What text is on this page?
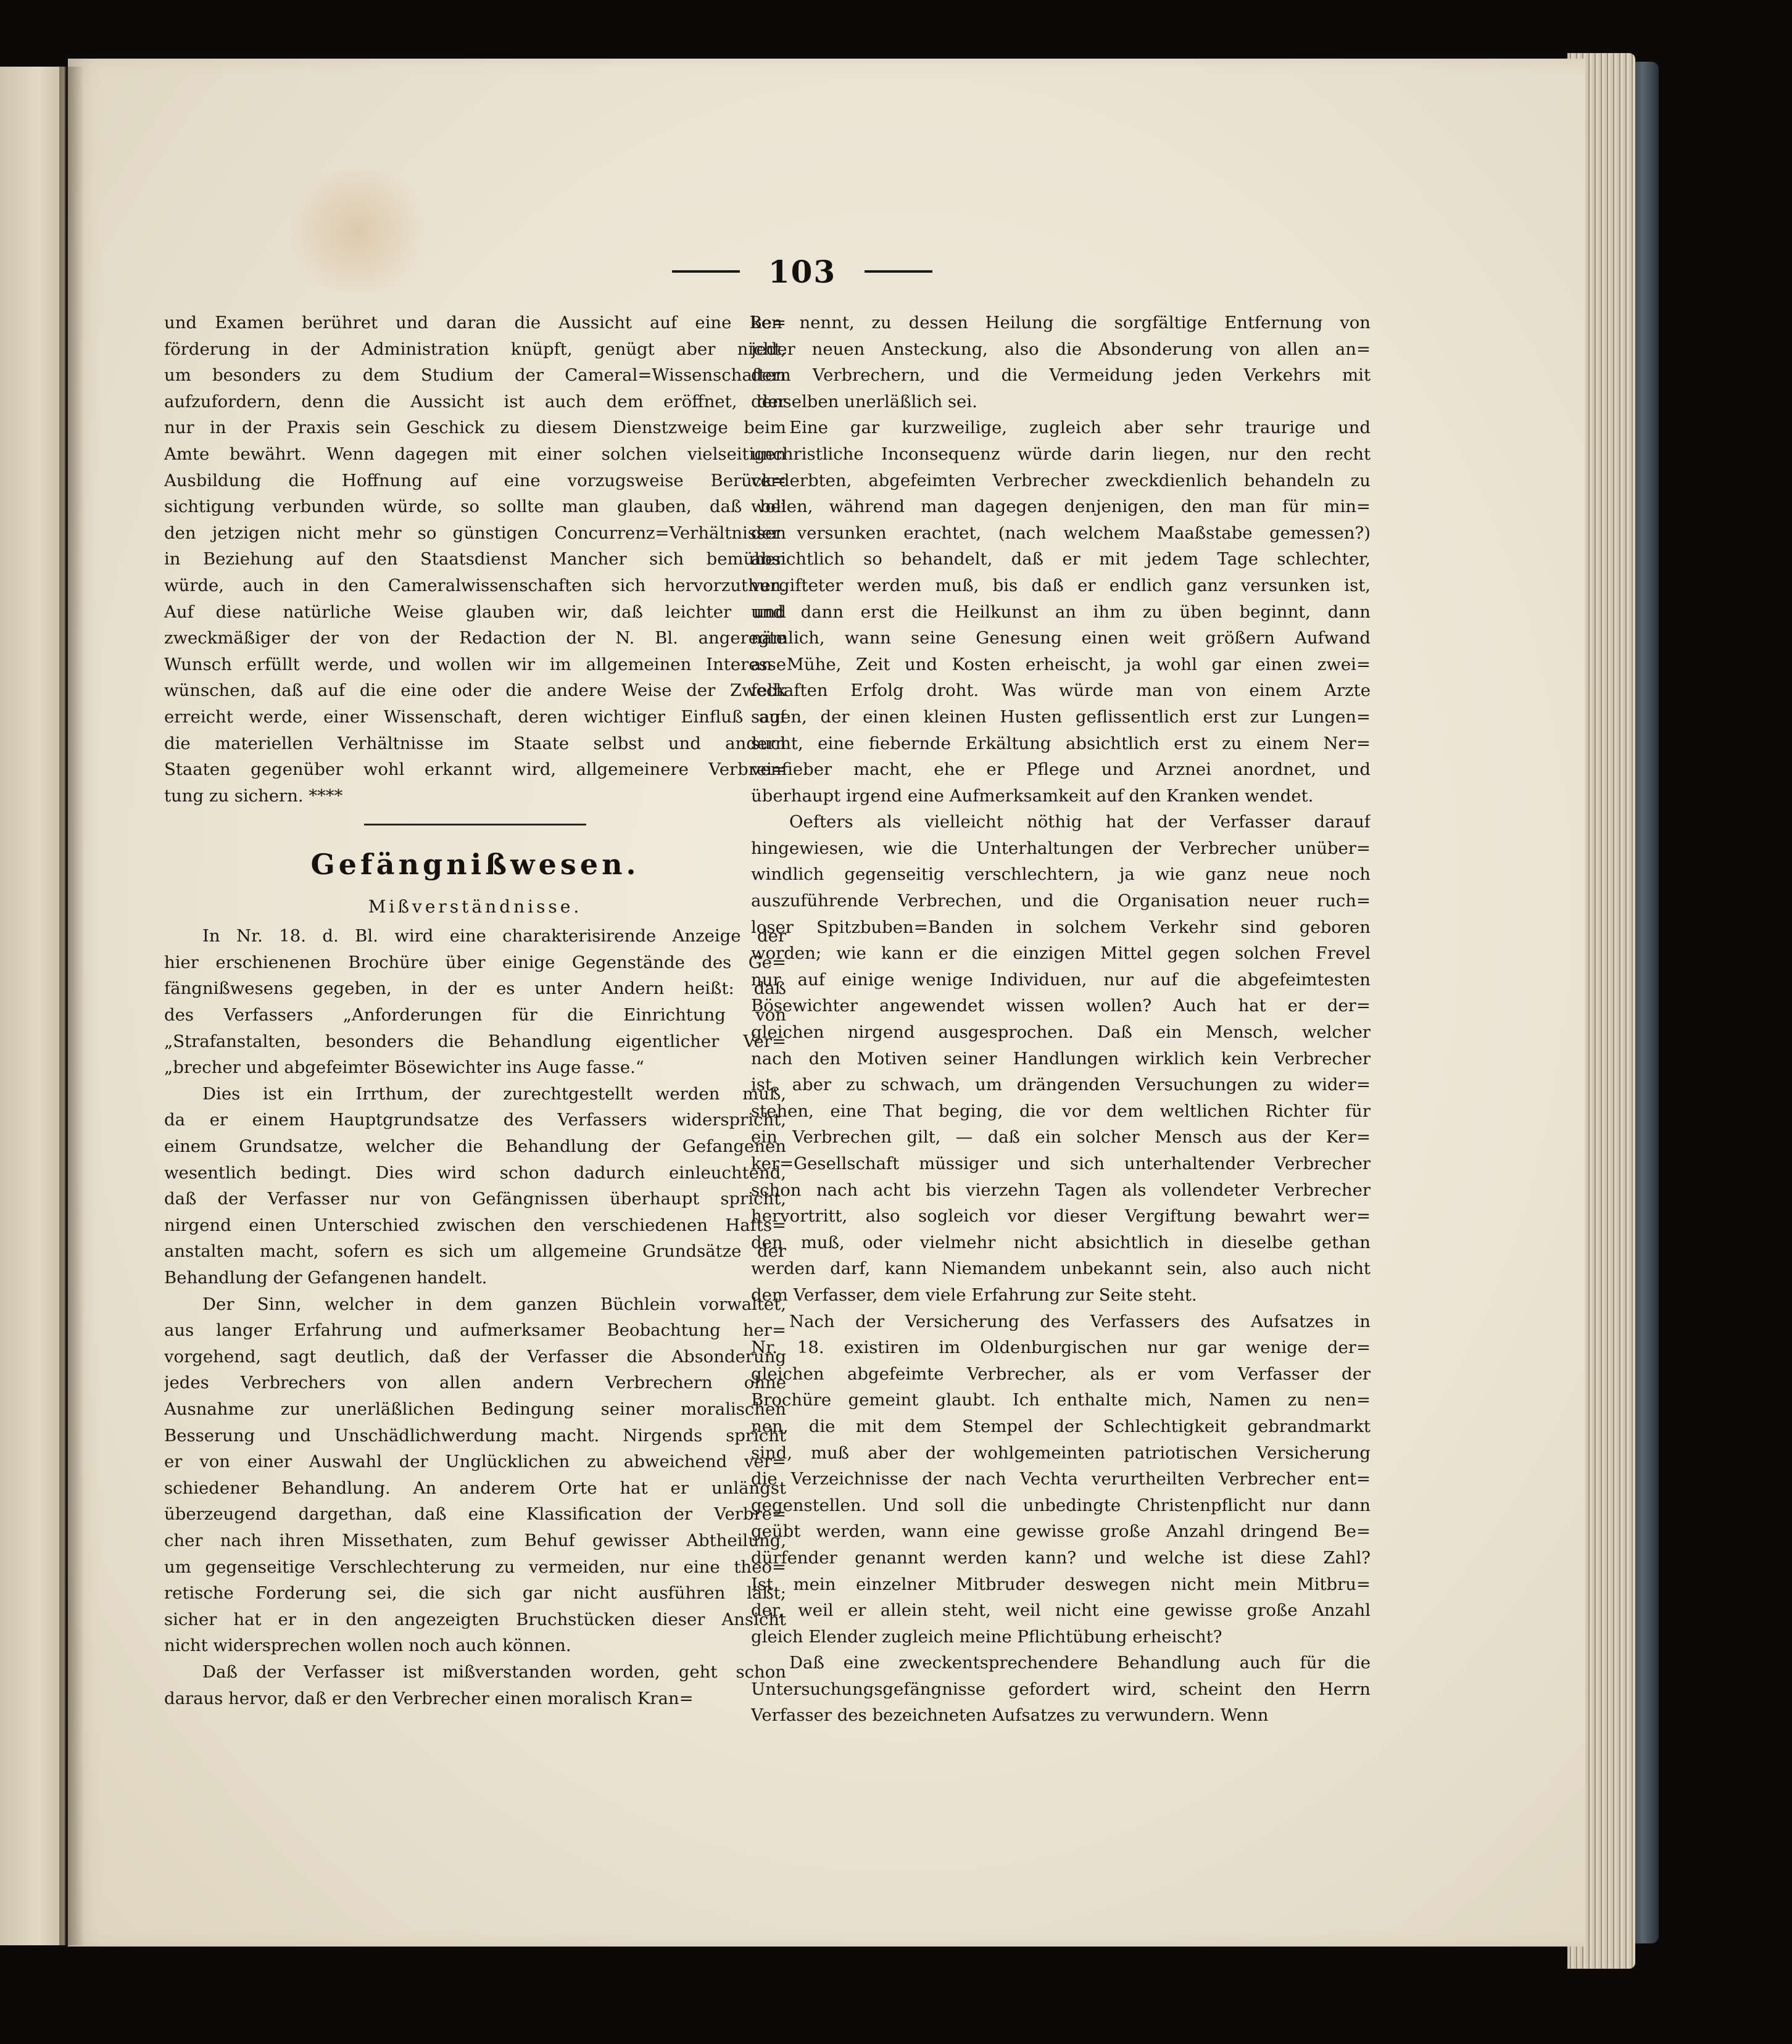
103
und Examen berühret und daran die Aussicht auf eine Be=
förderung in der Administration knüpft, genügt aber nicht,
um besonders zu dem Studium der Cameral=Wissenschaften
aufzufordern, denn die Aussicht ist auch dem eröffnet, der
nur in der Praxis sein Geschick zu diesem Dienstzweige beim
Amte bewährt. Wenn dagegen mit einer solchen vielseitigen
Ausbildung die Hoffnung auf eine vorzugsweise Berück=
sichtigung verbunden würde, so sollte man glauben, daß bei
den jetzigen nicht mehr so günstigen Concurrenz=Verhältnissen
in Beziehung auf den Staatsdienst Mancher sich bemühen
würde, auch in den Cameralwissenschaften sich hervorzuthun.
Auf diese natürliche Weise glauben wir, daß leichter und
zweckmäßiger der von der Redaction der N. Bl. angeregte
Wunsch erfüllt werde, und wollen wir im allgemeinen Interesse
wünschen, daß auf die eine oder die andere Weise der Zweck
erreicht werde, einer Wissenschaft, deren wichtiger Einfluß auf
die materiellen Verhältnisse im Staate selbst und andern
Staaten gegenüber wohl erkannt wird, allgemeinere Verbrei=
tung zu sichern. ****
Gefängnißwesen.
Mißverständnisse.
In Nr. 18. d. Bl. wird eine charakterisirende Anzeige der
hier erschienenen Brochüre über einige Gegenstände des Ge=
fängnißwesens gegeben, in der es unter Andern heißt: daß
des Verfassers „Anforderungen für die Einrichtung von
„Strafanstalten, besonders die Behandlung eigentlicher Ver=
„brecher und abgefeimter Bösewichter ins Auge fasse.“
Dies ist ein Irrthum, der zurechtgestellt werden muß,
da er einem Hauptgrundsatze des Verfassers widerspricht,
einem Grundsatze, welcher die Behandlung der Gefangenen
wesentlich bedingt. Dies wird schon dadurch einleuchtend,
daß der Verfasser nur von Gefängnissen überhaupt spricht,
nirgend einen Unterschied zwischen den verschiedenen Hafts=
anstalten macht, sofern es sich um allgemeine Grundsätze der
Behandlung der Gefangenen handelt.
Der Sinn, welcher in dem ganzen Büchlein vorwaltet,
aus langer Erfahrung und aufmerksamer Beobachtung her=
vorgehend, sagt deutlich, daß der Verfasser die Absonderung
jedes Verbrechers von allen andern Verbrechern ohne
Ausnahme zur unerläßlichen Bedingung seiner moralischen
Besserung und Unschädlichwerdung macht. Nirgends spricht
er von einer Auswahl der Unglücklichen zu abweichend ver=
schiedener Behandlung. An anderem Orte hat er unlängst
überzeugend dargethan, daß eine Klassification der Verbre=
cher nach ihren Missethaten, zum Behuf gewisser Abtheilung,
um gegenseitige Verschlechterung zu vermeiden, nur eine theo=
retische Forderung sei, die sich gar nicht ausführen läßt;
sicher hat er in den angezeigten Bruchstücken dieser Ansicht
nicht widersprechen wollen noch auch können.
Daß der Verfasser ist mißverstanden worden, geht schon
daraus hervor, daß er den Verbrecher einen moralisch Kran=
ken nennt, zu dessen Heilung die sorgfältige Entfernung von
jeder neuen Ansteckung, also die Absonderung von allen an=
dern Verbrechern, und die Vermeidung jeden Verkehrs mit
denselben unerläßlich sei.
Eine gar kurzweilige, zugleich aber sehr traurige und
unchristliche Inconsequenz würde darin liegen, nur den recht
verderbten, abgefeimten Verbrecher zweckdienlich behandeln zu
wollen, während man dagegen denjenigen, den man für min=
der versunken erachtet, (nach welchem Maaßstabe gemessen?)
absichtlich so behandelt, daß er mit jedem Tage schlechter,
vergifteter werden muß, bis daß er endlich ganz versunken ist,
und dann erst die Heilkunst an ihm zu üben beginnt, dann
nämlich, wann seine Genesung einen weit größern Aufwand
an Mühe, Zeit und Kosten erheischt, ja wohl gar einen zwei=
felhaften Erfolg droht. Was würde man von einem Arzte
sagen, der einen kleinen Husten geflissentlich erst zur Lungen=
sucht, eine fiebernde Erkältung absichtlich erst zu einem Ner=
venfieber macht, ehe er Pflege und Arznei anordnet, und
überhaupt irgend eine Aufmerksamkeit auf den Kranken wendet.
Oefters als vielleicht nöthig hat der Verfasser darauf
hingewiesen, wie die Unterhaltungen der Verbrecher unüber=
windlich gegenseitig verschlechtern, ja wie ganz neue noch
auszuführende Verbrechen, und die Organisation neuer ruch=
loser Spitzbuben=Banden in solchem Verkehr sind geboren
worden; wie kann er die einzigen Mittel gegen solchen Frevel
nur auf einige wenige Individuen, nur auf die abgefeimtesten
Bösewichter angewendet wissen wollen? Auch hat er der=
gleichen nirgend ausgesprochen. Daß ein Mensch, welcher
nach den Motiven seiner Handlungen wirklich kein Verbrecher
ist, aber zu schwach, um drängenden Versuchungen zu wider=
stehen, eine That beging, die vor dem weltlichen Richter für
ein Verbrechen gilt, — daß ein solcher Mensch aus der Ker=
ker=Gesellschaft müssiger und sich unterhaltender Verbrecher
schon nach acht bis vierzehn Tagen als vollendeter Verbrecher
hervortritt, also sogleich vor dieser Vergiftung bewahrt wer=
den muß, oder vielmehr nicht absichtlich in dieselbe gethan
werden darf, kann Niemandem unbekannt sein, also auch nicht
dem Verfasser, dem viele Erfahrung zur Seite steht.
Nach der Versicherung des Verfassers des Aufsatzes in
Nr. 18. existiren im Oldenburgischen nur gar wenige der=
gleichen abgefeimte Verbrecher, als er vom Verfasser der
Brochüre gemeint glaubt. Ich enthalte mich, Namen zu nen=
nen, die mit dem Stempel der Schlechtigkeit gebrandmarkt
sind, muß aber der wohlgemeinten patriotischen Versicherung
die Verzeichnisse der nach Vechta verurtheilten Verbrecher ent=
gegenstellen. Und soll die unbedingte Christenpflicht nur dann
geübt werden, wann eine gewisse große Anzahl dringend Be=
dürfender genannt werden kann? und welche ist diese Zahl?
Ist mein einzelner Mitbruder deswegen nicht mein Mitbru=
der, weil er allein steht, weil nicht eine gewisse große Anzahl
gleich Elender zugleich meine Pflichtübung erheischt?
Daß eine zweckentsprechendere Behandlung auch für die
Untersuchungsgefängnisse gefordert wird, scheint den Herrn
Verfasser des bezeichneten Aufsatzes zu verwundern. Wenn
